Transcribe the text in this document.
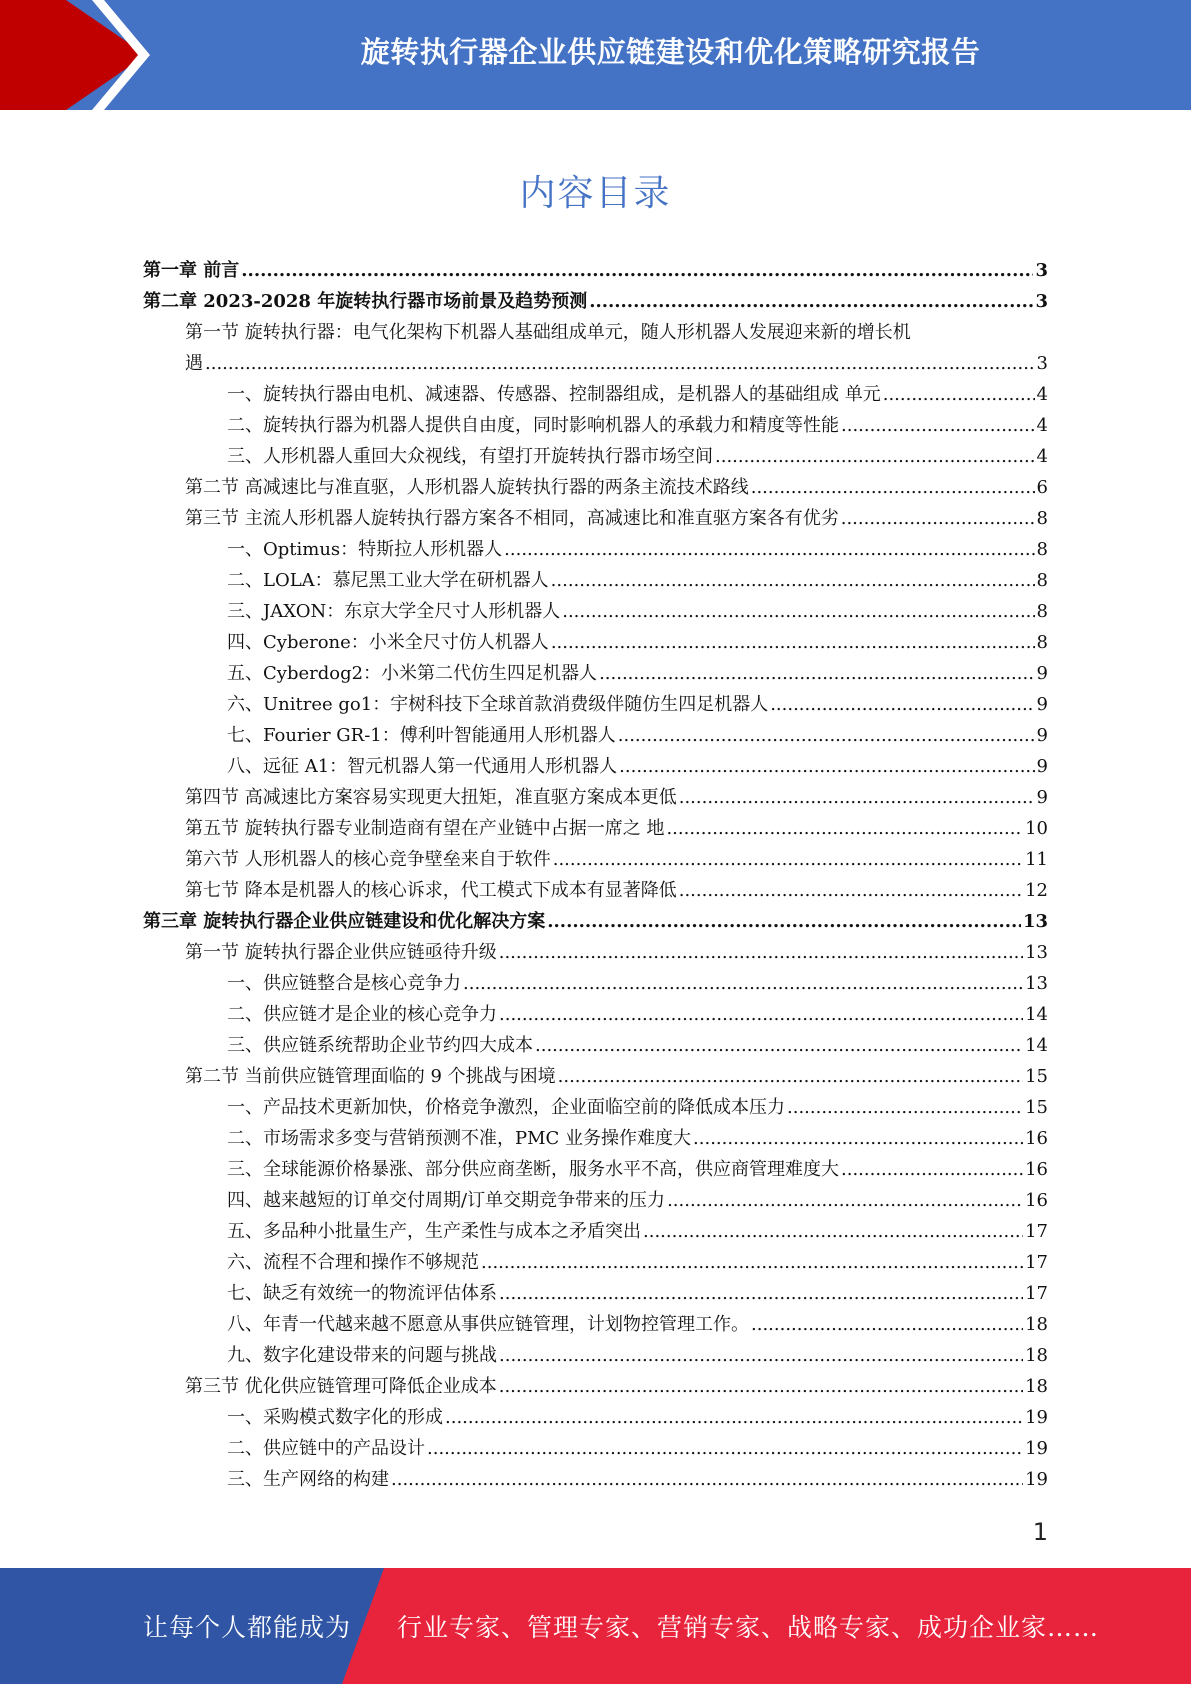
旋转执行器企业供应链建设和优化策略研究报告
内容目录
第一章 前言 .....	3
第二章 2023-2028 年旋转执行器市场前景及趋势预测 .....	3
第一节 旋转执行器：电气化架构下机器人基础组成单元，随人形机器人发展迎来新的增长机
遇 .....	3
一、旋转执行器由电机、减速器、传感器、控制器组成，是机器人的基础组成 单元 .....	4
二、旋转执行器为机器人提供自由度，同时影响机器人的承载力和精度等性能 .....	4
三、人形机器人重回大众视线，有望打开旋转执行器市场空间 .....	4
第二节 高减速比与准直驱，人形机器人旋转执行器的两条主流技术路线 .....	6
第三节 主流人形机器人旋转执行器方案各不相同，高减速比和准直驱方案各有优劣 .....	8
一、Optimus：特斯拉人形机器人 .....	8
二、LOLA：慕尼黑工业大学在研机器人 .....	8
三、JAXON：东京大学全尺寸人形机器人 .....	8
四、Cyberone：小米全尺寸仿人机器人 .....	8
五、Cyberdog2：小米第二代仿生四足机器人 .....	9
六、Unitree go1：宇树科技下全球首款消费级伴随仿生四足机器人 .....	9
七、Fourier GR-1：傅利叶智能通用人形机器人 .....	9
八、远征 A1：智元机器人第一代通用人形机器人 .....	9
第四节 高减速比方案容易实现更大扭矩，准直驱方案成本更低 .....	9
第五节 旋转执行器专业制造商有望在产业链中占据一席之 地 .....	10
第六节 人形机器人的核心竞争壁垒来自于软件 .....	11
第七节 降本是机器人的核心诉求，代工模式下成本有显著降低 .....	12
第三章 旋转执行器企业供应链建设和优化解决方案 .....	13
第一节 旋转执行器企业供应链亟待升级 .....	13
一、供应链整合是核心竞争力 .....	13
二、供应链才是企业的核心竞争力 .....	14
三、供应链系统帮助企业节约四大成本 .....	14
第二节 当前供应链管理面临的 9 个挑战与困境 .....	15
一、产品技术更新加快，价格竞争激烈，企业面临空前的降低成本压力 .....	15
二、市场需求多变与营销预测不准，PMC 业务操作难度大 .....	16
三、全球能源价格暴涨、部分供应商垄断，服务水平不高，供应商管理难度大 .....	16
四、越来越短的订单交付周期/订单交期竞争带来的压力 .....	16
五、多品种小批量生产，生产柔性与成本之矛盾突出 .....	17
六、流程不合理和操作不够规范 .....	17
七、缺乏有效统一的物流评估体系 .....	17
八、年青一代越来越不愿意从事供应链管理，计划物控管理工作。 .....	18
九、数字化建设带来的问题与挑战 .....	18
第三节 优化供应链管理可降低企业成本 .....	18
一、采购模式数字化的形成 .....	19
二、供应链中的产品设计 .....	19
三、生产网络的构建 .....	19
1
让每个人都能成为 行业专家、管理专家、营销专家、战略专家、成功企业家……
